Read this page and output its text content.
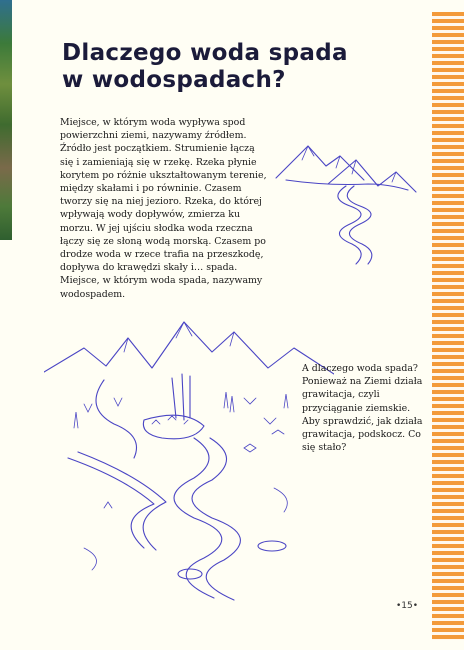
Dlaczego woda spada w wodospadach?

Miejsce, w którym woda wypływa spod powierzchni ziemi, nazywamy źródłem. Źródło jest początkiem. Strumienie łączą się i zamieniają się w rzekę. Rzeka płynie korytem po różnie ukształtowanym terenie, między skałami i po równinie. Czasem tworzy się na niej jezioro. Rzeka, do której wpływają wody dopływów, zmierza ku morzu. W jej ujściu słodka woda rzeczna łączy się ze słoną wodą morską. Czasem po drodze woda w rzece trafia na przeszkodę, dopływa do krawędzi skały i… spada. Miejsce, w którym woda spada, nazywamy wodospadem.

A dlaczego woda spada? Ponieważ na Ziemi działa grawitacja, czyli przyciąganie ziemskie. Aby sprawdzić, jak działa grawitacja, podskocz. Co się stało?

•15•
